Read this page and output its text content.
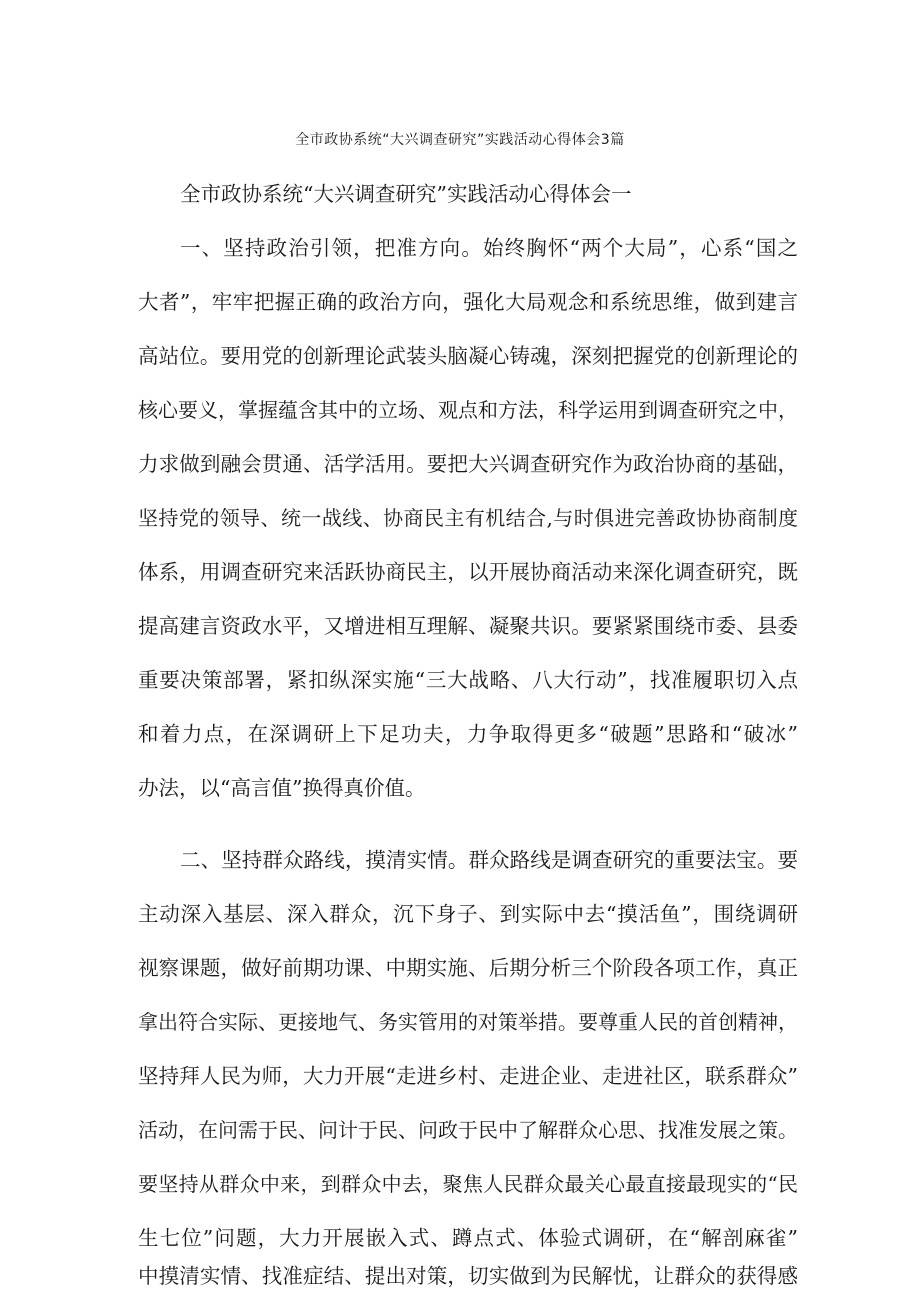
全市政协系统“大兴调查研究”实践活动心得体会3篇

全市政协系统“大兴调查研究”实践活动心得体会一

一、坚持政治引领，把准方向。始终胸怀“两个大局”，心系“国之

大者”，牢牢把握正确的政治方向，强化大局观念和系统思维，做到建言

高站位。要用党的创新理论武装头脑凝心铸魂，深刻把握党的创新理论的

核心要义，掌握蕴含其中的立场、观点和方法，科学运用到调查研究之中，

力求做到融会贯通、活学活用。要把大兴调查研究作为政治协商的基础，

坚持党的领导、统一战线、协商民主有机结合,与时俱进完善政协协商制度

体系，用调查研究来活跃协商民主，以开展协商活动来深化调查研究，既

提高建言资政水平，又增进相互理解、凝聚共识。要紧紧围绕市委、县委

重要决策部署，紧扣纵深实施“三大战略、八大行动”，找准履职切入点

和着力点，在深调研上下足功夫，力争取得更多“破题”思路和“破冰”

办法，以“高言值”换得真价值。

二、坚持群众路线，摸清实情。群众路线是调查研究的重要法宝。要

主动深入基层、深入群众，沉下身子、到实际中去“摸活鱼”，围绕调研

视察课题，做好前期功课、中期实施、后期分析三个阶段各项工作，真正

拿出符合实际、更接地气、务实管用的对策举措。要尊重人民的首创精神，

坚持拜人民为师，大力开展“走进乡村、走进企业、走进社区，联系群众”

活动，在问需于民、问计于民、问政于民中了解群众心思、找准发展之策。

要坚持从群众中来，到群众中去，聚焦人民群众最关心最直接最现实的“民

生七位”问题，大力开展嵌入式、蹲点式、体验式调研，在“解剖麻雀”

中摸清实情、找准症结、提出对策，切实做到为民解忧，让群众的获得感
